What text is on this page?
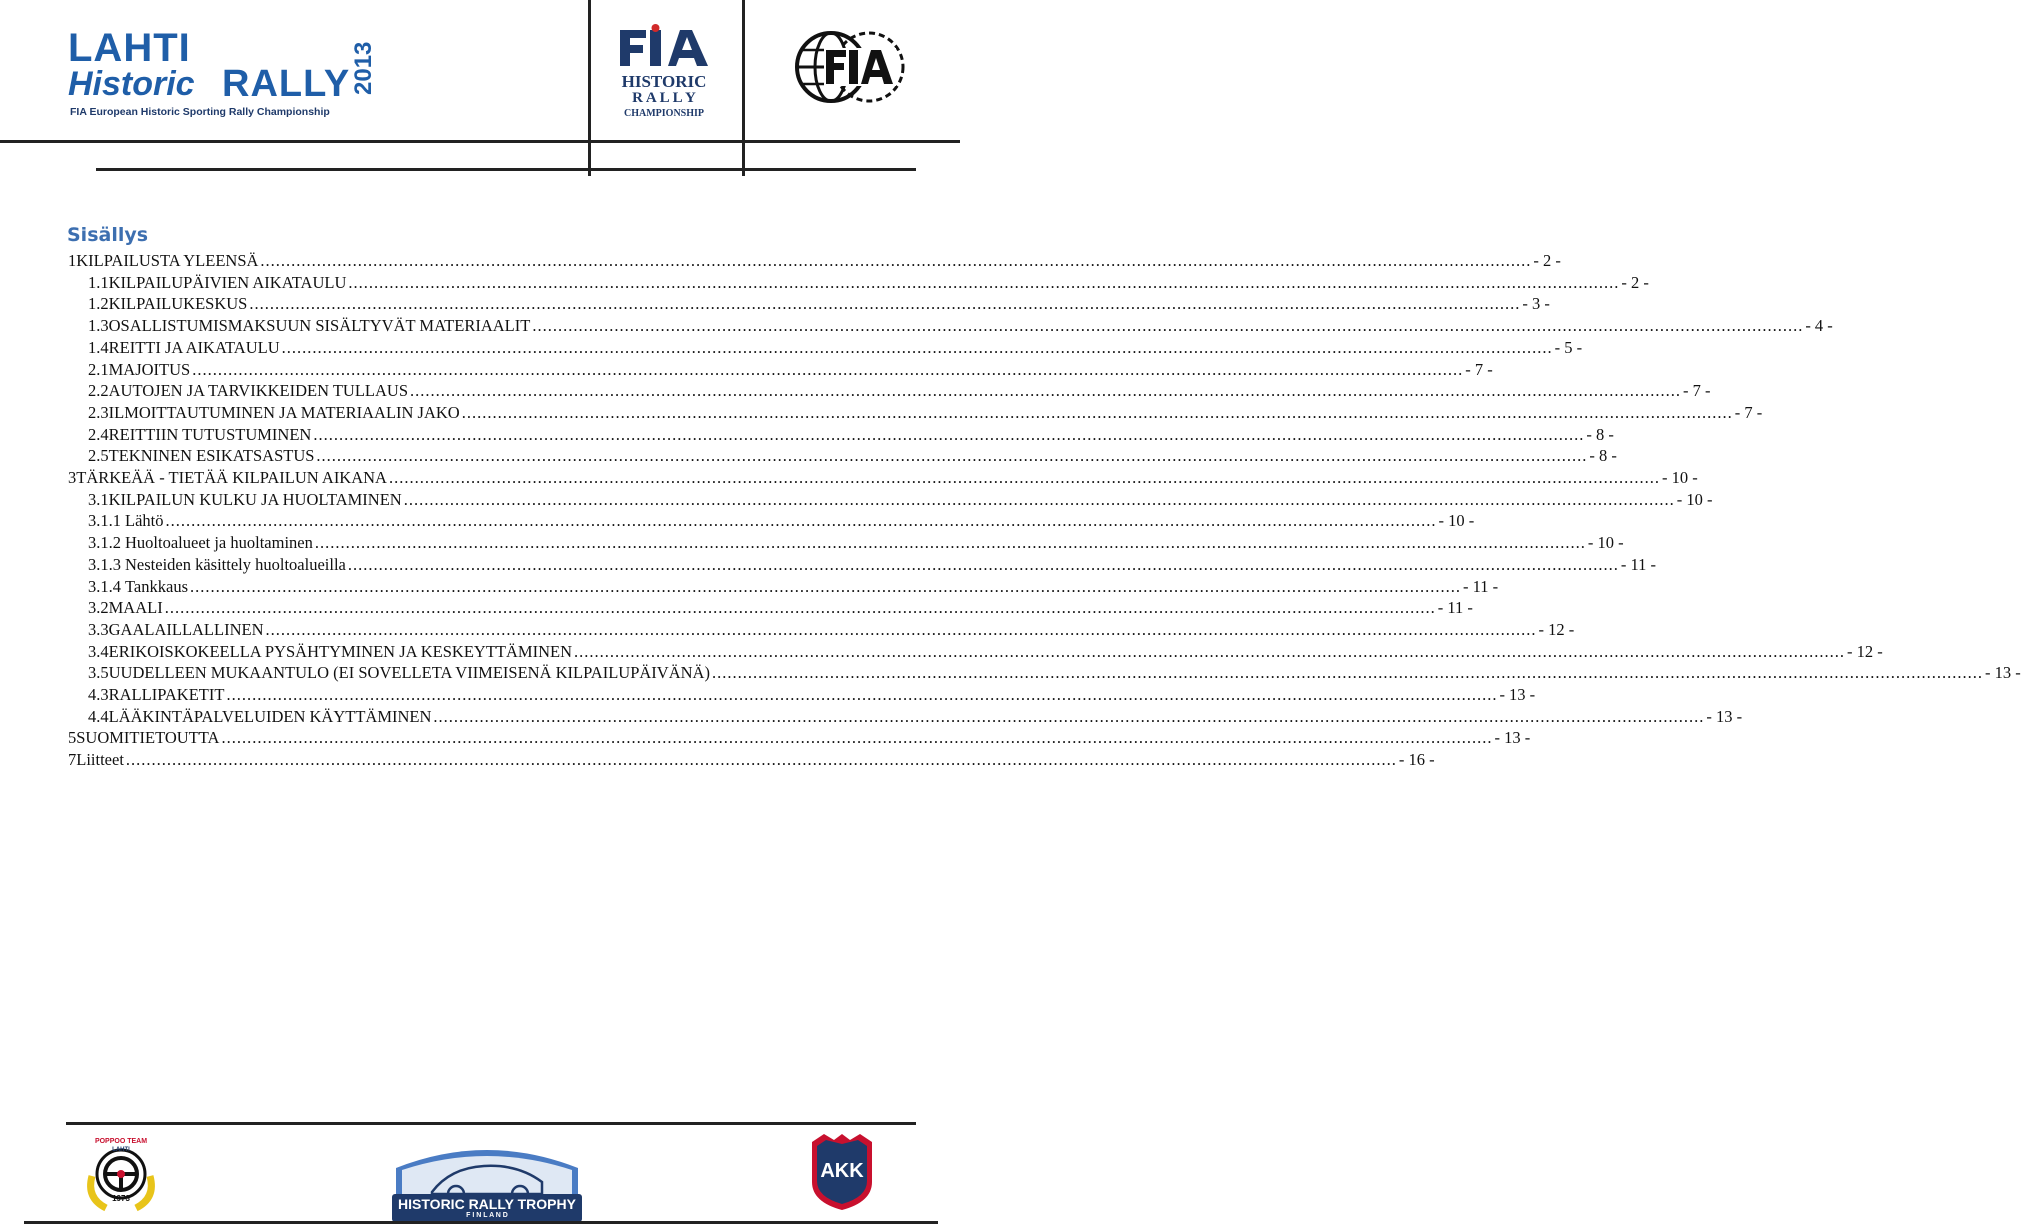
LAHTI
Historic RALLY 2013
FIA European Historic Sporting Rally Championship
HISTORIC
R A L L Y
CHAMPIONSHIP
Sisällys
1 KILPAILUSTA YLEENSÄ .....	- 2 -
1.1 KILPAILUPÄIVIEN AIKATAULU .....	- 2 -
1.2 KILPAILUKESKUS .....	- 3 -
1.3 OSALLISTUMISMAKSUUN SISÄLTYVÄT MATERIAALIT .....	- 4 -
1.4 REITTI JA AIKATAULU .....	- 5 -
2.1 MAJOITUS .....	- 7 -
2.2 AUTOJEN JA TARVIKKEIDEN TULLAUS .....	- 7 -
2.3 ILMOITTAUTUMINEN JA MATERIAALIN JAKO .....	- 7 -
2.4 REITTIIN TUTUSTUMINEN .....	- 8 -
2.5 TEKNINEN ESIKATSASTUS .....	- 8 -
3 TÄRKEÄÄ - TIETÄÄ KILPAILUN AIKANA .....	- 10 -
3.1 KILPAILUN KULKU JA HUOLTAMINEN .....	- 10 -
3.1.1 Lähtö .....	- 10 -
3.1.2 Huoltoalueet ja huoltaminen .....	- 10 -
3.1.3 Nesteiden käsittely huoltoalueilla .....	- 11 -
3.1.4 Tankkaus .....	- 11 -
3.2 MAALI .....	- 11 -
3.3 GAALAILLALLINEN .....	- 12 -
3.4 ERIKOISKOKEELLA PYSÄHTYMINEN JA KESKEYTTÄMINEN .....	- 12 -
3.5 UUDELLEEN MUKAANTULO (EI SOVELLETA VIIMEISENÄ KILPAILUPÄIVÄNÄ) .....	- 13 -
4.3 RALLIPAKETIT .....	- 13 -
4.4 LÄÄKINTÄPALVELUIDEN KÄYTTÄMINEN .....	- 13 -
5 SUOMITIETOUTTA .....	- 13 -
7 Liitteet .....	- 16 -
POPPOO TEAM
LAHTI
1973	HISTORIC RALLY TROPHY
F I N L A N D
AKK
